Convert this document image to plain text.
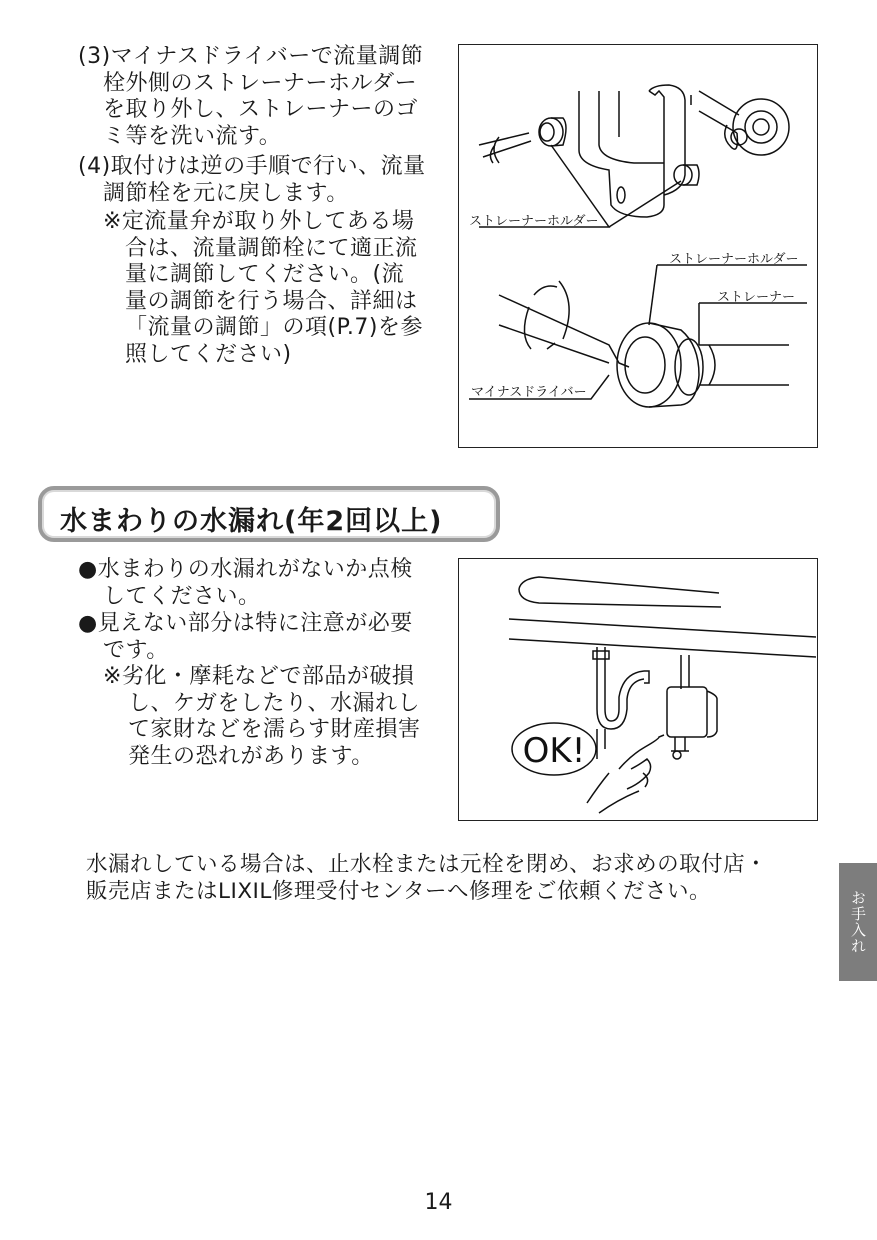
(3)マイナスドライバーで流量調節
栓外側のストレーナーホルダー
を取り外し、ストレーナーのゴ
ミ等を洗い流す。
(4)取付けは逆の手順で行い、流量
調節栓を元に戻します。
※定流量弁が取り外してある場
合は、流量調節栓にて適正流
量に調節してください。(流
量の調節を行う場合、詳細は
「流量の調節」の項(P.7)を参
照してください)
ストレーナーホルダー
ストレーナーホルダー
ストレーナー
マイナスドライバー
水まわりの水漏れ(年2回以上)
●水まわりの水漏れがないか点検
してください。
●見えない部分は特に注意が必要
です。
※劣化・摩耗などで部品が破損
し、ケガをしたり、水漏れし
て家財などを濡らす財産損害
発生の恐れがあります。	OK!
水漏れしている場合は、止水栓または元栓を閉め、お求めの取付店・
販売店またはLIXIL修理受付センターへ修理をご依頼ください。	お手入れ
14
